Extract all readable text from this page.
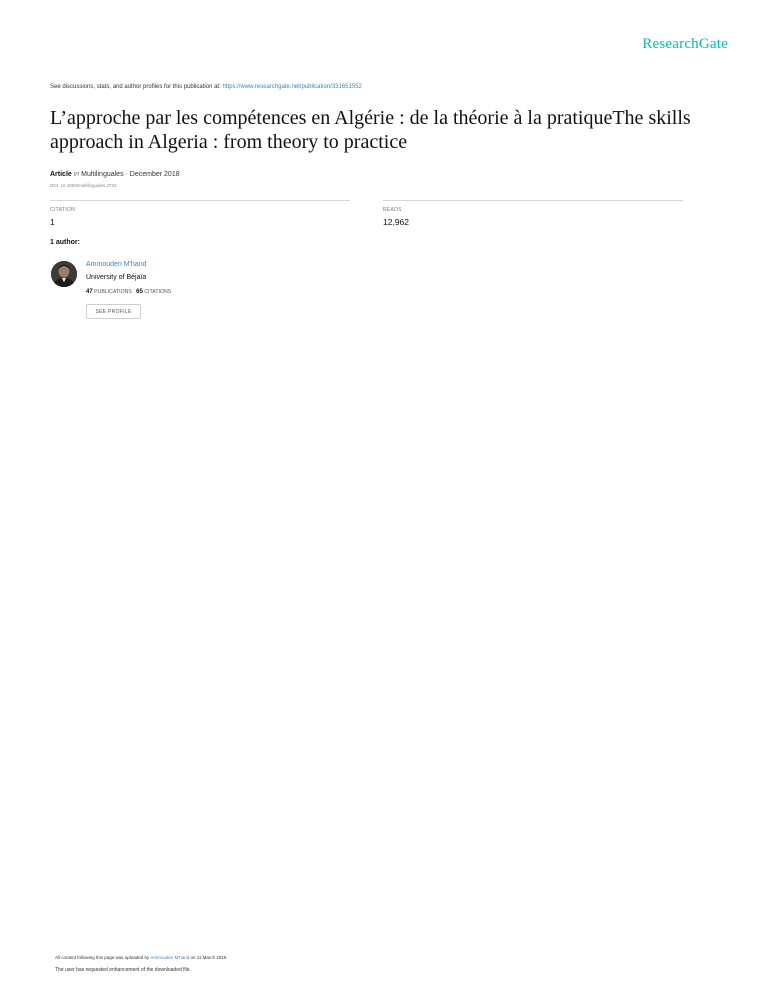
ResearchGate
See discussions, stats, and author profiles for this publication at: https://www.researchgate.net/publication/331651552
L’approche par les compétences en Algérie : de la théorie à la pratiqueThe skills approach in Algeria : from theory to practice
Article in Multilinguales · December 2018
DOI: 10.4000/multilinguales.3733
CITATION
1
READS
12,962
1 author:
Ammouden M'hand
University of Béjaïa
47 PUBLICATIONS 65 CITATIONS
SEE PROFILE
All content following this page was uploaded by Ammouden M'hand on 11 March 2019.
The user has requested enhancement of the downloaded file.
